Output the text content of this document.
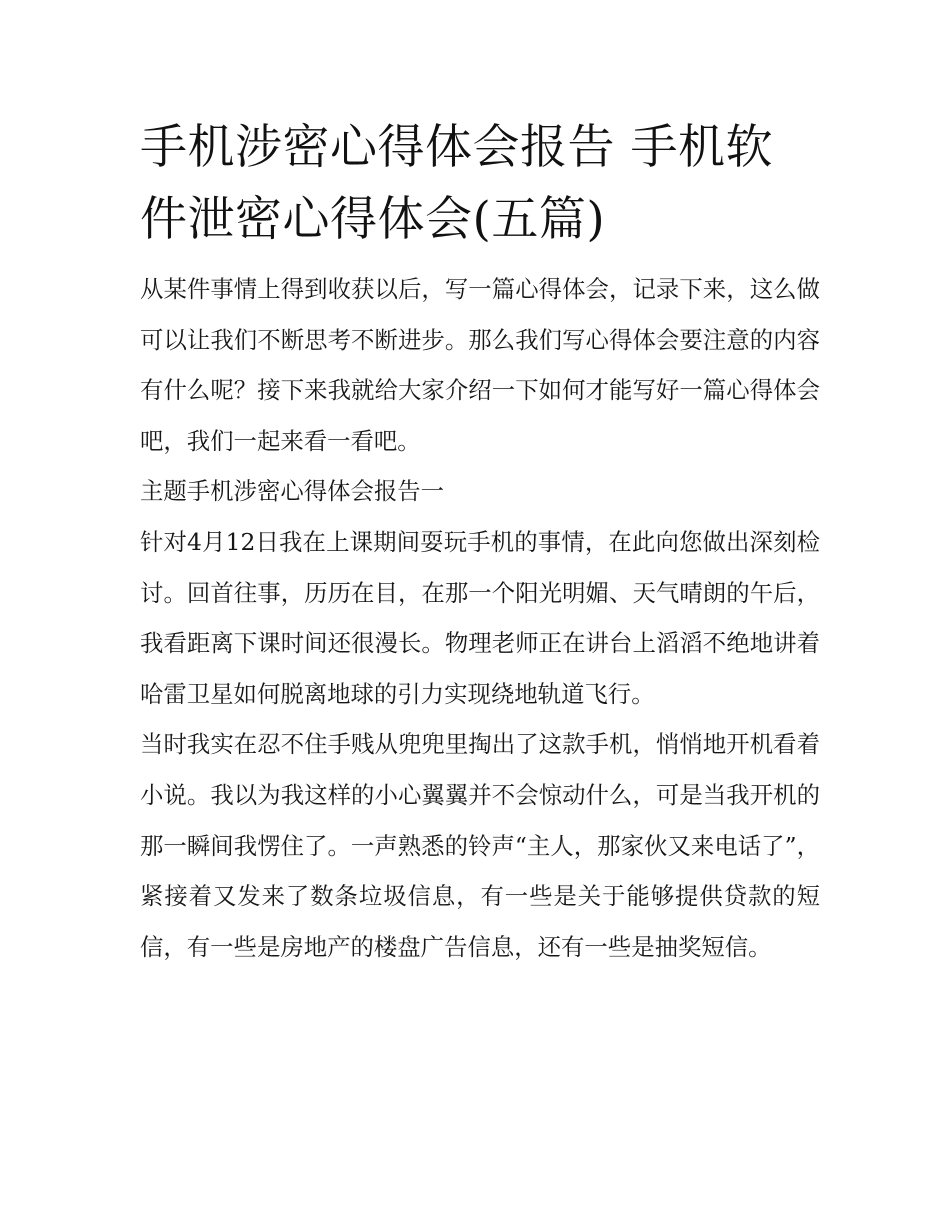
手机涉密心得体会报告 手机软件泄密心得体会(五篇)

从某件事情上得到收获以后，写一篇心得体会，记录下来，这么做可以让我们不断思考不断进步。那么我们写心得体会要注意的内容有什么呢？接下来我就给大家介绍一下如何才能写好一篇心得体会吧，我们一起来看一看吧。

主题手机涉密心得体会报告一

针对4月12日我在上课期间耍玩手机的事情，在此向您做出深刻检讨。回首往事，历历在目，在那一个阳光明媚、天气晴朗的午后，我看距离下课时间还很漫长。物理老师正在讲台上滔滔不绝地讲着哈雷卫星如何脱离地球的引力实现绕地轨道飞行。

当时我实在忍不住手贱从兜兜里掏出了这款手机，悄悄地开机看着小说。我以为我这样的小心翼翼并不会惊动什么，可是当我开机的那一瞬间我愣住了。一声熟悉的铃声“主人，那家伙又来电话了”，紧接着又发来了数条垃圾信息，有一些是关于能够提供贷款的短信，有一些是房地产的楼盘广告信息，还有一些是抽奖短信。
